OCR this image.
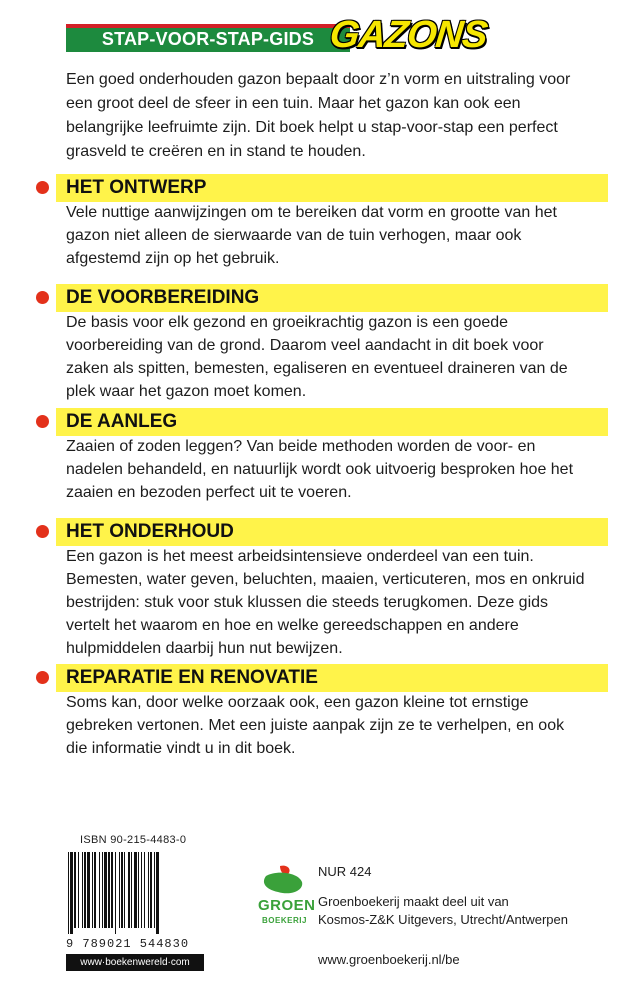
STAP-VOOR-STAP-GIDS GAZONS
Een goed onderhouden gazon bepaalt door z’n vorm en uitstraling voor een groot deel de sfeer in een tuin. Maar het gazon kan ook een belangrijke leefruimte zijn. Dit boek helpt u stap-voor-stap een perfect grasveld te creëren en in stand te houden.
HET ONTWERP
Vele nuttige aanwijzingen om te bereiken dat vorm en grootte van het gazon niet alleen de sierwaarde van de tuin verhogen, maar ook afgestemd zijn op het gebruik.
DE VOORBEREIDING
De basis voor elk gezond en groeikrachtig gazon is een goede voorbereiding van de grond. Daarom veel aandacht in dit boek voor zaken als spitten, bemesten, egaliseren en eventueel draineren van de plek waar het gazon moet komen.
DE AANLEG
Zaaien of zoden leggen? Van beide methoden worden de voor- en nadelen behandeld, en natuurlijk wordt ook uitvoerig besproken hoe het zaaien en bezoden perfect uit te voeren.
HET ONDERHOUD
Een gazon is het meest arbeidsintensieve onderdeel van een tuin. Bemesten, water geven, beluchten, maaien, verticuteren, mos en onkruid bestrijden: stuk voor stuk klussen die steeds terugkomen. Deze gids vertelt het waarom en hoe en welke gereedschappen en andere hulpmiddelen daarbij hun nut bewijzen.
REPARATIE EN RENOVATIE
Soms kan, door welke oorzaak ook, een gazon kleine tot ernstige gebreken vertonen. Met een juiste aanpak zijn ze te verhelpen, en ook die informatie vindt u in dit boek.
ISBN 90-215-4483-0
9 789021 544830
www·boekenwereld·com
GROEN
BOEKERIJ
NUR 424
Groenboekerij maakt deel uit van
Kosmos-Z&K Uitgevers, Utrecht/Antwerpen
www.groenboekerij.nl/be
